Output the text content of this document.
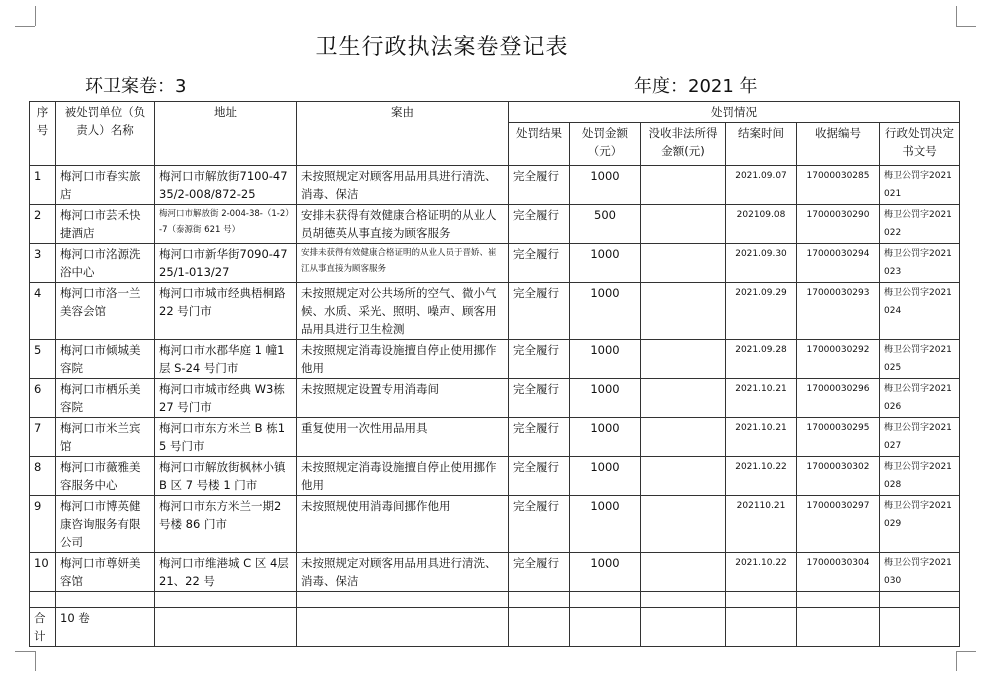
卫生行政执法案卷登记表
环卫案卷：3	年度：2021 年
序号	被处罚单位（负责人）名称	地址	案由	处罚情况					
				处罚结果	处罚金额（元）	没收非法所得金额(元)	结案时间	收据编号	行政处罚决定书文号
1	梅河口市春实旅店	梅河口市解放街7100-4735/2-008/872-25	未按照规定对顾客用品用具进行清洗、消毒、保洁	完全履行	1000		2021.09.07	17000030285	梅卫公罚字2021021
2	梅河口市芸禾快捷酒店	梅河口市解放街 2-004-38-（1-2）-7（泰源街 621 号）	安排未获得有效健康合格证明的从业人员胡德英从事直接为顾客服务	完全履行	500		202109.08	17000030290	梅卫公罚字2021022
3	梅河口市洺源洗浴中心	梅河口市新华街7090-4725/1-013/27	安排未获得有效健康合格证明的从业人员于晋娇、崔江从事直接为顾客服务	完全履行	1000		2021.09.30	17000030294	梅卫公罚字2021023
4	梅河口市洛一兰美容会馆	梅河口市城市经典梧桐路 22 号门市	未按照规定对公共场所的空气、微小气候、水质、采光、照明、噪声、顾客用品用具进行卫生检测	完全履行	1000		2021.09.29	17000030293	梅卫公罚字2021024
5	梅河口市倾城美容院	梅河口市水郡华庭 1 幢1 层 S-24 号门市	未按照规定消毒设施擅自停止使用挪作他用	完全履行	1000		2021.09.28	17000030292	梅卫公罚字2021025
6	梅河口市栖乐美容院	梅河口市城市经典 W3栋 27 号门市	未按照规定设置专用消毒间	完全履行	1000		2021.10.21	17000030296	梅卫公罚字2021026
7	梅河口市米兰宾馆	梅河口市东方米兰 B 栋15 号门市	重复使用一次性用品用具	完全履行	1000		2021.10.21	17000030295	梅卫公罚字2021027
8	梅河口市薇雅美容服务中心	梅河口市解放街枫林小镇 B 区 7 号楼 1 门市	未按照规定消毒设施擅自停止使用挪作他用	完全履行	1000		2021.10.22	17000030302	梅卫公罚字2021028
9	梅河口市博英健康咨询服务有限公司	梅河口市东方米兰一期2 号楼 86 门市	未按照规使用消毒间挪作他用	完全履行	1000		202110.21	17000030297	梅卫公罚字2021029
10	梅河口市尊妍美容馆	梅河口市维港城 C 区 4层 21、22 号	未按照规定对顾客用品用具进行清洗、消毒、保洁	完全履行	1000		2021.10.22	17000030304	梅卫公罚字2021030

合计	10 卷								
